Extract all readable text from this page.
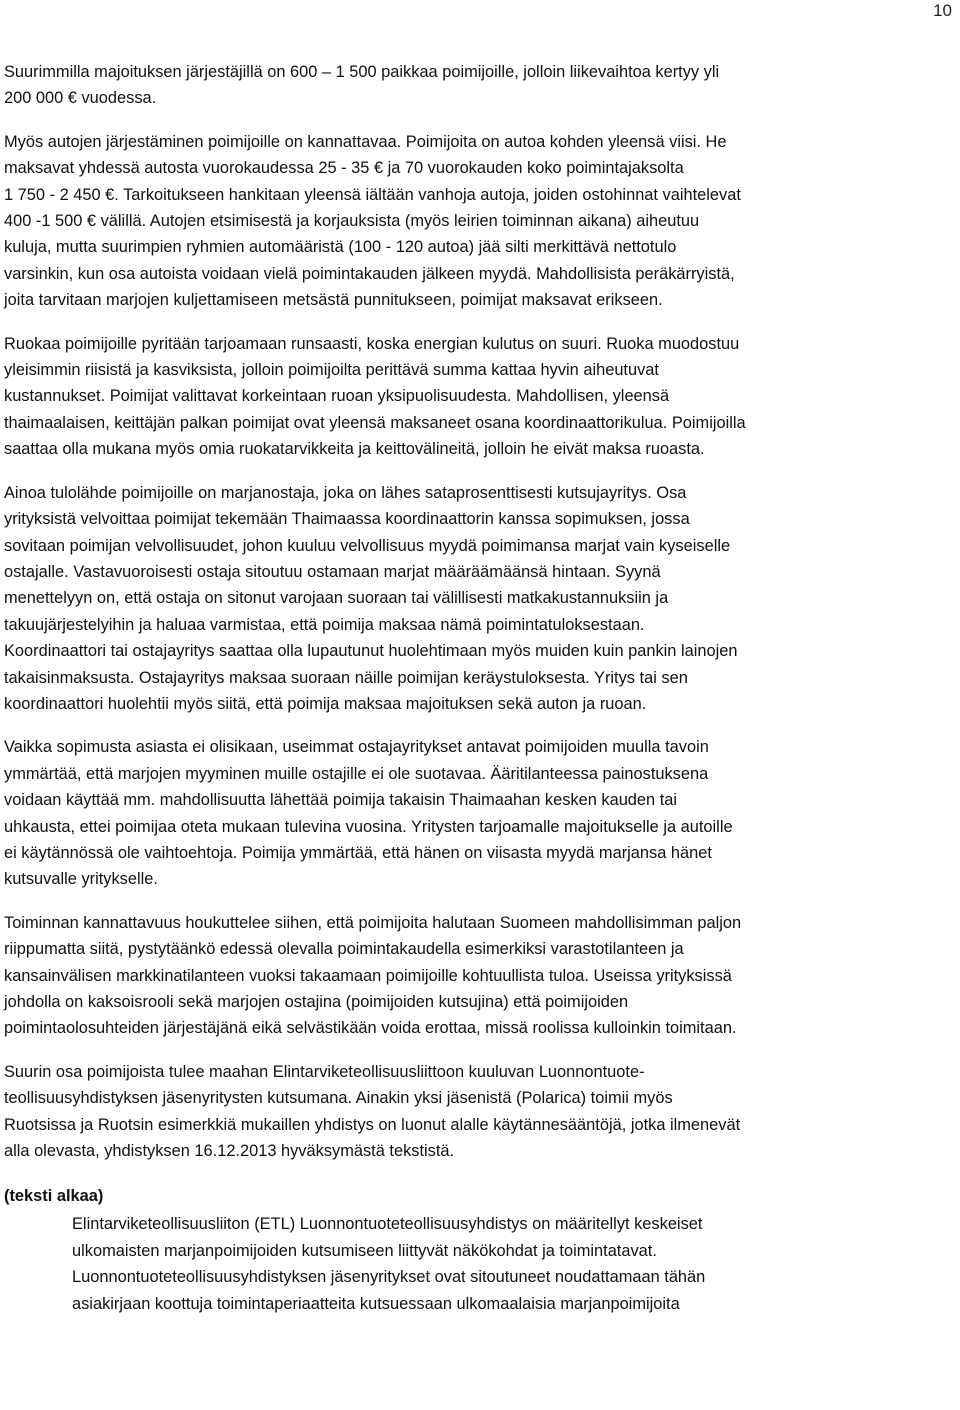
10

Suurimmilla majoituksen järjestäjillä on 600 – 1 500 paikkaa poimijoille, jolloin liikevaihtoa kertyy yli
200 000 € vuodessa.

Myös autojen järjestäminen poimijoille on kannattavaa. Poimijoita on autoa kohden yleensä viisi. He
maksavat yhdessä autosta vuorokaudessa 25 - 35 € ja 70 vuorokauden koko poimintajaksolta
1 750 - 2 450 €. Tarkoitukseen hankitaan yleensä iältään vanhoja autoja, joiden ostohinnat vaihtelevat
400 -1 500 € välillä. Autojen etsimisestä ja korjauksista (myös leirien toiminnan aikana) aiheutuu
kuluja, mutta suurimpien ryhmien automääristä (100 - 120 autoa) jää silti merkittävä nettotulo
varsinkin, kun osa autoista voidaan vielä poimintakauden jälkeen myydä. Mahdollisista peräkärryistä,
joita tarvitaan marjojen kuljettamiseen metsästä punnitukseen, poimijat maksavat erikseen.

Ruokaa poimijoille pyritään tarjoamaan runsaasti, koska energian kulutus on suuri. Ruoka muodostuu
yleisimmin riisistä ja kasviksista, jolloin poimijoilta perittävä summa kattaa hyvin aiheutuvat
kustannukset. Poimijat valittavat korkeintaan ruoan yksipuolisuudesta. Mahdollisen, yleensä
thaimaalaisen, keittäjän palkan poimijat ovat yleensä maksaneet osana koordinaattorikulua. Poimijoilla
saattaa olla mukana myös omia ruokatarvikkeita ja keittovälineitä, jolloin he eivät maksa ruoasta.

Ainoa tulolähde poimijoille on marjanostaja, joka on lähes sataprosenttisesti kutsujayritys. Osa
yrityksistä velvoittaa poimijat tekemään Thaimaassa koordinaattorin kanssa sopimuksen, jossa
sovitaan poimijan velvollisuudet, johon kuuluu velvollisuus myydä poimimansa marjat vain kyseiselle
ostajalle. Vastavuoroisesti ostaja sitoutuu ostamaan marjat määräämäänsä hintaan. Syynä
menettelyyn on, että ostaja on sitonut varojaan suoraan tai välillisesti matkakustannuksiin ja
takuujärjestelyihin ja haluaa varmistaa, että poimija maksaa nämä poimintatuloksestaan.
Koordinaattori tai ostajayritys saattaa olla lupautunut huolehtimaan myös muiden kuin pankin lainojen
takaisinmaksusta. Ostajayritys maksaa suoraan näille poimijan keräystuloksesta. Yritys tai sen
koordinaattori huolehtii myös siitä, että poimija maksaa majoituksen sekä auton ja ruoan.

Vaikka sopimusta asiasta ei olisikaan, useimmat ostajayritykset antavat poimijoiden muulla tavoin
ymmärtää, että marjojen myyminen muille ostajille ei ole suotavaa. Ääritilanteessa painostuksena
voidaan käyttää mm. mahdollisuutta lähettää poimija takaisin Thaimaahan kesken kauden tai
uhkausta, ettei poimijaa oteta mukaan tulevina vuosina. Yritysten tarjoamalle majoitukselle ja autoille
ei käytännössä ole vaihtoehtoja. Poimija ymmärtää, että hänen on viisasta myydä marjansa hänet
kutsuvalle yritykselle.

Toiminnan kannattavuus houkuttelee siihen, että poimijoita halutaan Suomeen mahdollisimman paljon
riippumatta siitä, pystytäänkö edessä olevalla poimintakaudella esimerkiksi varastotilanteen ja
kansainvälisen markkinatilanteen vuoksi takaamaan poimijoille kohtuullista tuloa. Useissa yrityksissä
johdolla on kaksoisrooli sekä marjojen ostajina (poimijoiden kutsujina) että poimijoiden
poimintaolosuhteiden järjestäjänä eikä selvästikään voida erottaa, missä roolissa kulloinkin toimitaan.

Suurin osa poimijoista tulee maahan Elintarviketeollisuusliittoon kuuluvan Luonnontuote-
teollisuusyhdistyksen jäsenyritysten kutsumana. Ainakin yksi jäsenistä (Polarica) toimii myös
Ruotsissa ja Ruotsin esimerkkiä mukaillen yhdistys on luonut alalle käytännesääntöjä, jotka ilmenevät
alla olevasta, yhdistyksen 16.12.2013 hyväksymästä tekstistä.

(teksti alkaa)

Elintarviketeollisuusliiton (ETL) Luonnontuoteteollisuusyhdistys on määritellyt keskeiset
ulkomaisten marjanpoimijoiden kutsumiseen liittyvät näkökohdat ja toimintatavat.
Luonnontuoteteollisuusyhdistyksen jäsenyritykset ovat sitoutuneet noudattamaan tähän
asiakirjaan koottuja toimintaperiaatteita kutsuessaan ulkomaalaisia marjanpoimijoita
